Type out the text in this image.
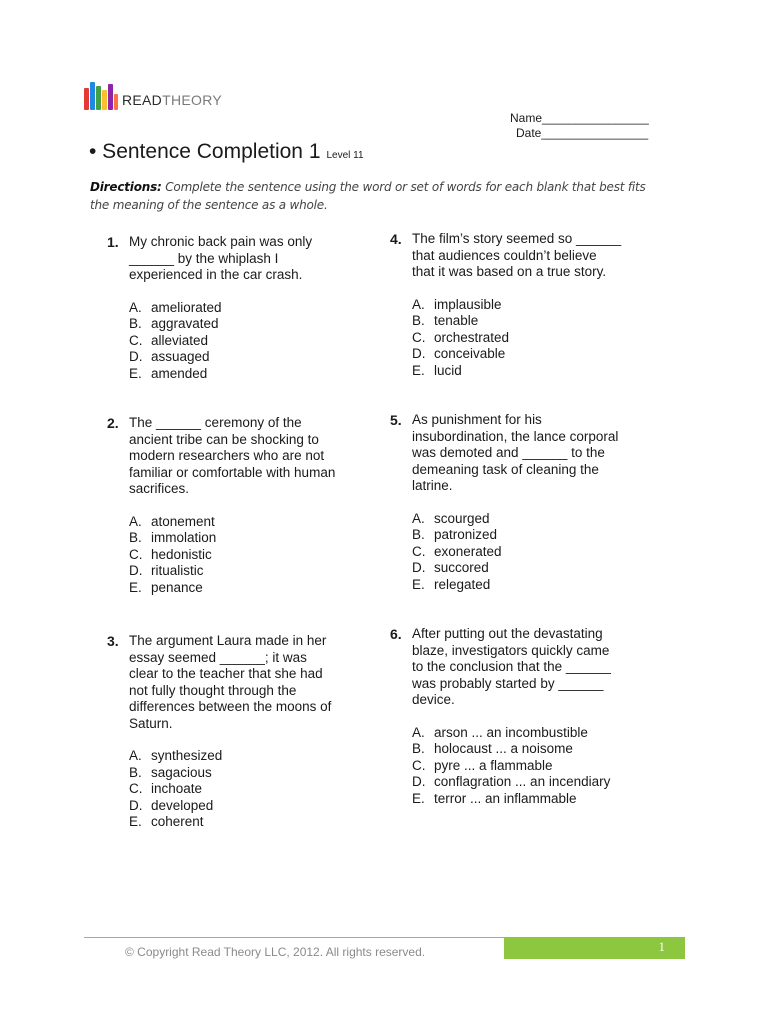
READTHEORY
Name________________
Date________________
• Sentence Completion 1 Level 11
Directions: Complete the sentence using the word or set of words for each blank that best fits the meaning of the sentence as a whole.
1. My chronic back pain was only
______ by the whiplash I
experienced in the car crash.
A. ameliorated
B. aggravated
C. alleviated
D. assuaged
E. amended
2. The ______ ceremony of the
ancient tribe can be shocking to
modern researchers who are not
familiar or comfortable with human
sacrifices.
A. atonement
B. immolation
C. hedonistic
D. ritualistic
E. penance
3. The argument Laura made in her
essay seemed ______; it was
clear to the teacher that she had
not fully thought through the
differences between the moons of
Saturn.
A. synthesized
B. sagacious
C. inchoate
D. developed
E. coherent
4. The film’s story seemed so ______
that audiences couldn’t believe
that it was based on a true story.
A. implausible
B. tenable
C. orchestrated
D. conceivable
E. lucid
5. As punishment for his
insubordination, the lance corporal
was demoted and ______ to the
demeaning task of cleaning the
latrine.
A. scourged
B. patronized
C. exonerated
D. succored
E. relegated
6. After putting out the devastating
blaze, investigators quickly came
to the conclusion that the ______
was probably started by ______
device.
A. arson ... an incombustible
B. holocaust ... a noisome
C. pyre ... a flammable
D. conflagration ... an incendiary
E. terror ... an inflammable
1
© Copyright Read Theory LLC, 2012. All rights reserved.
